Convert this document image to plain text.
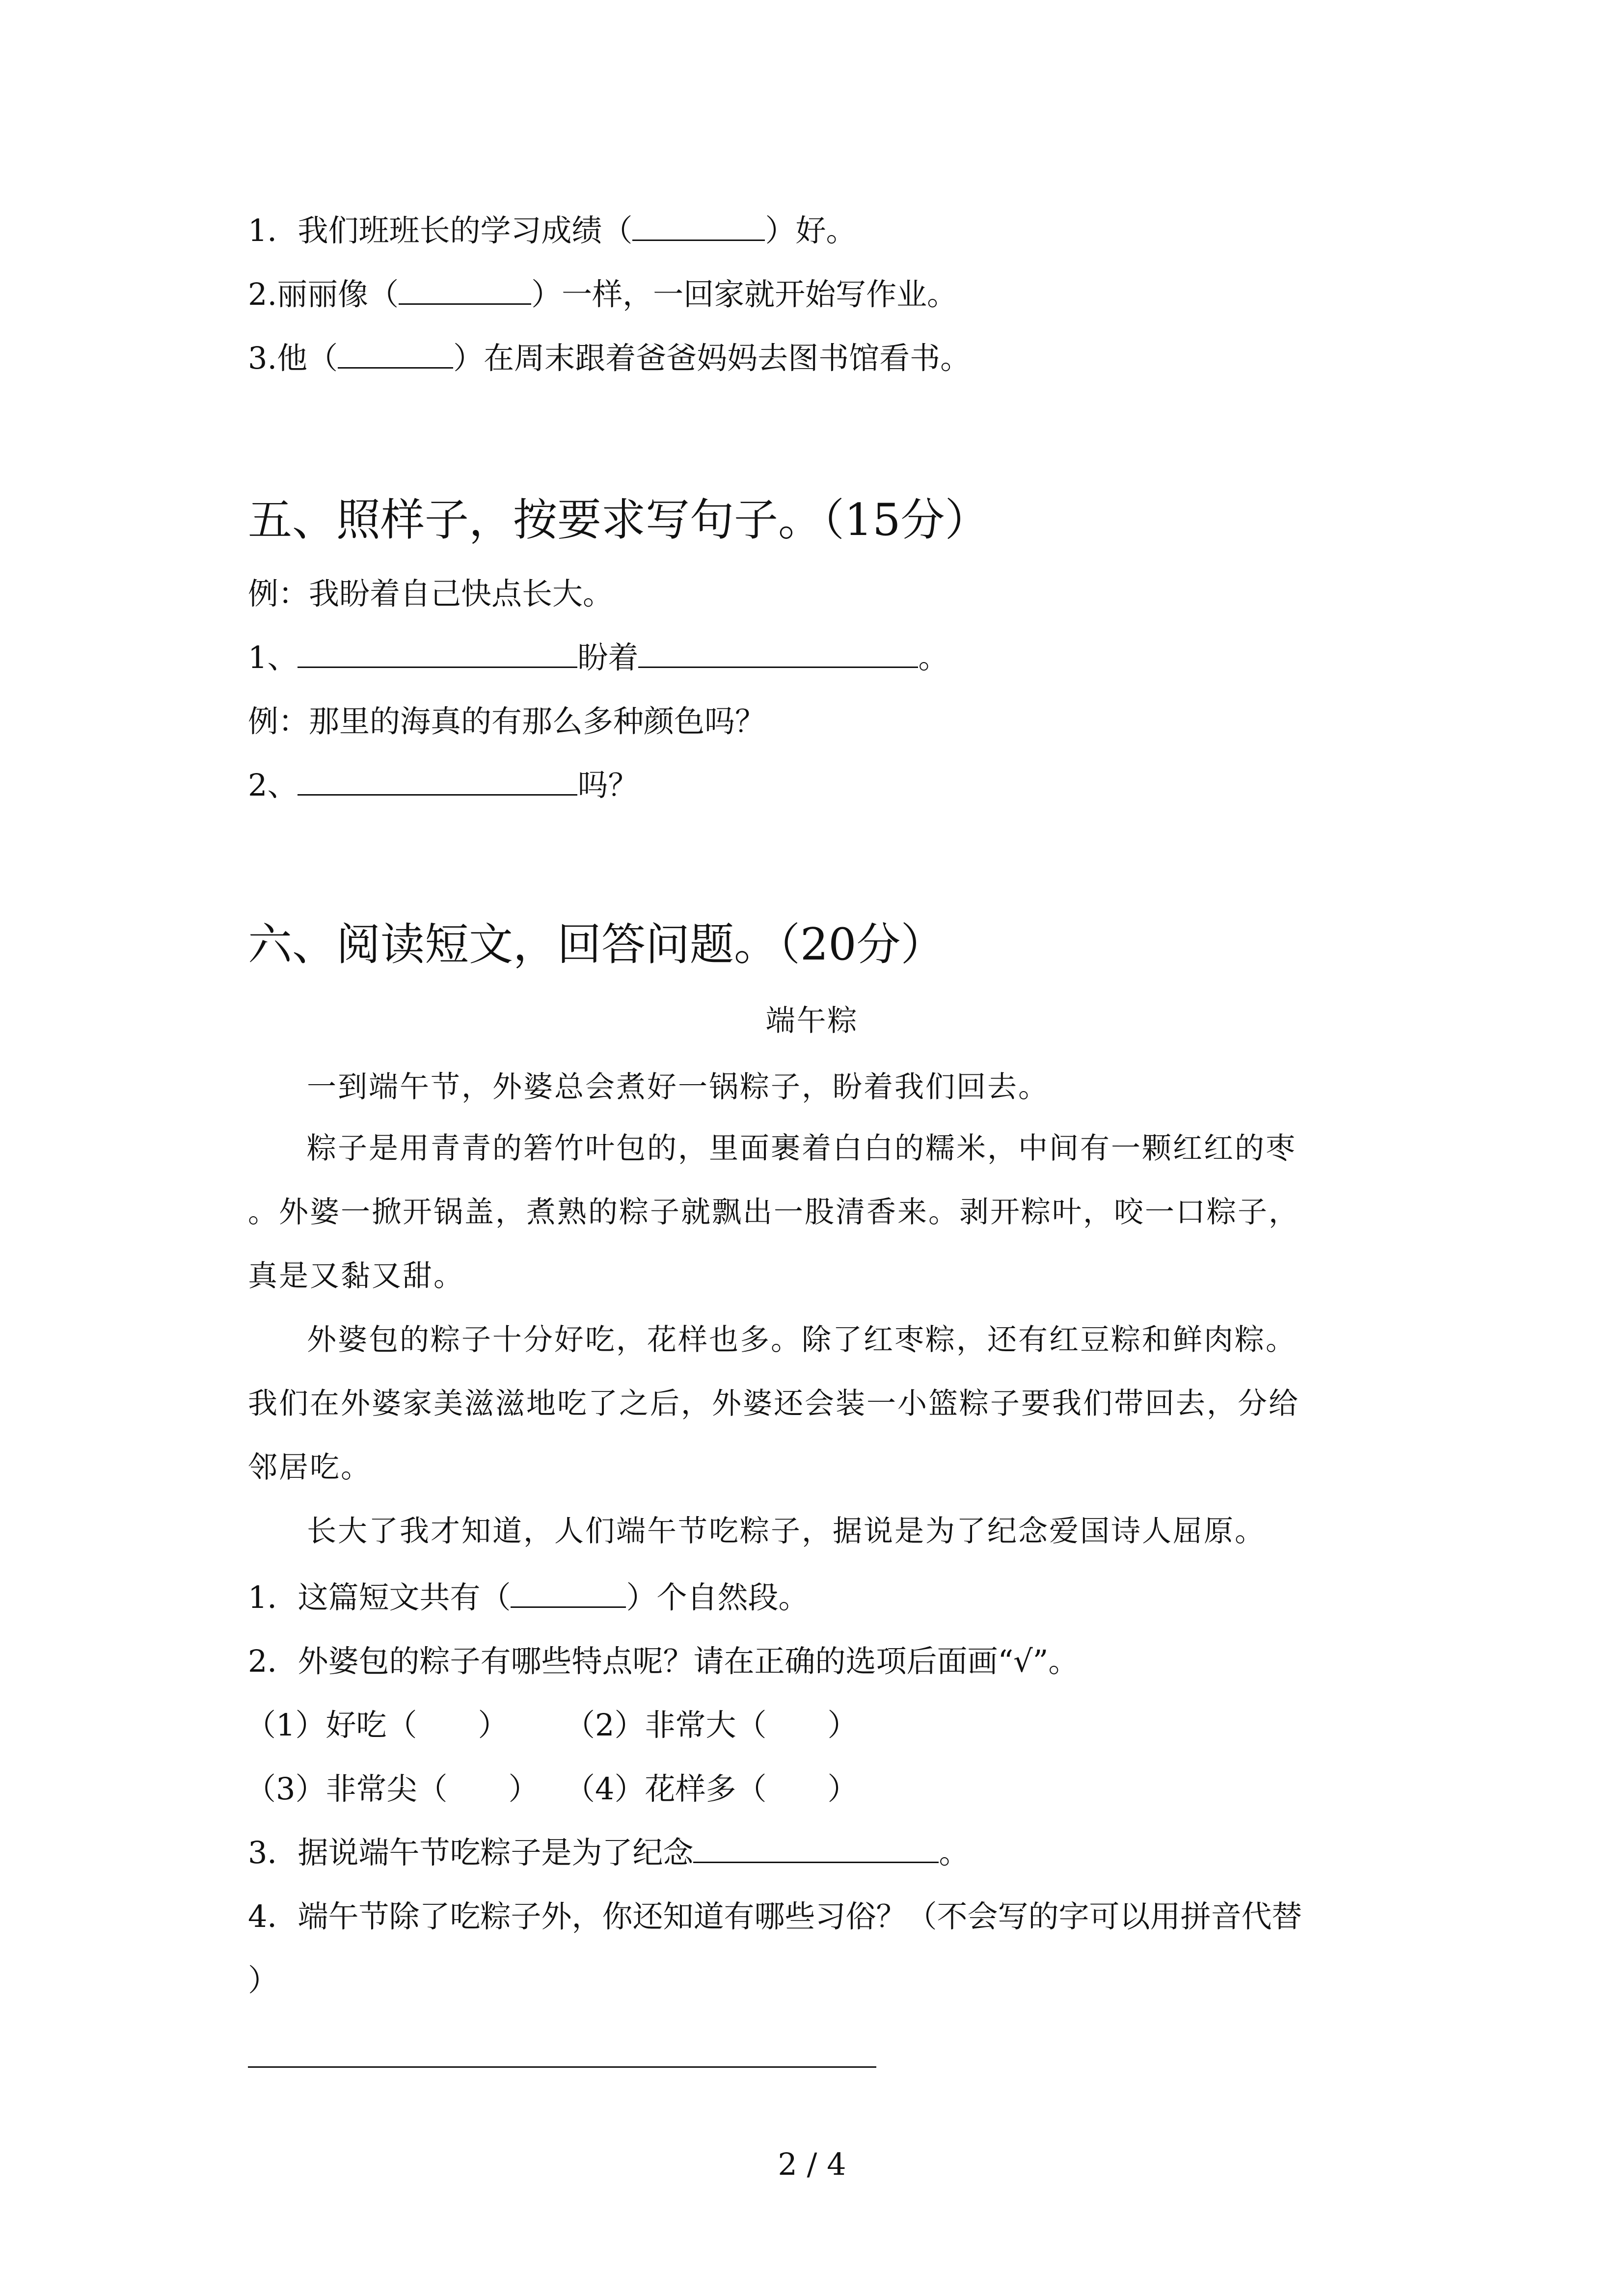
1．我们班班长的学习成绩（	）好。
2.丽丽像（	）一样，一回家就开始写作业。
3.他（	）在周末跟着爸爸妈妈去图书馆看书。
五、照样子，按要求写句子。（15分）
例：我盼着自己快点长大。
1、	盼着	。
例：那里的海真的有那么多种颜色吗？
2、	吗？
六、阅读短文，回答问题。（20分）
端午粽
一到端午节，外婆总会煮好一锅粽子，盼着我们回去。
粽子是用青青的箬竹叶包的，里面裹着白白的糯米，中间有一颗红红的枣
。外婆一掀开锅盖，煮熟的粽子就飘出一股清香来。剥开粽叶，咬一口粽子，
真是又黏又甜。
外婆包的粽子十分好吃，花样也多。除了红枣粽，还有红豆粽和鲜肉粽。
我们在外婆家美滋滋地吃了之后，外婆还会装一小篮粽子要我们带回去，分给
邻居吃。
长大了我才知道，人们端午节吃粽子，据说是为了纪念爱国诗人屈原。
1．这篇短文共有（	）个自然段。
2．外婆包的粽子有哪些特点呢？请在正确的选项后面画“√”。
（1）好吃（　　） （2）非常大（　　）
（3）非常尖（　　） （4）花样多（　　）
3．据说端午节吃粽子是为了纪念	。
4．端午节除了吃粽子外，你还知道有哪些习俗？（不会写的字可以用拼音代替
）
2 / 4
